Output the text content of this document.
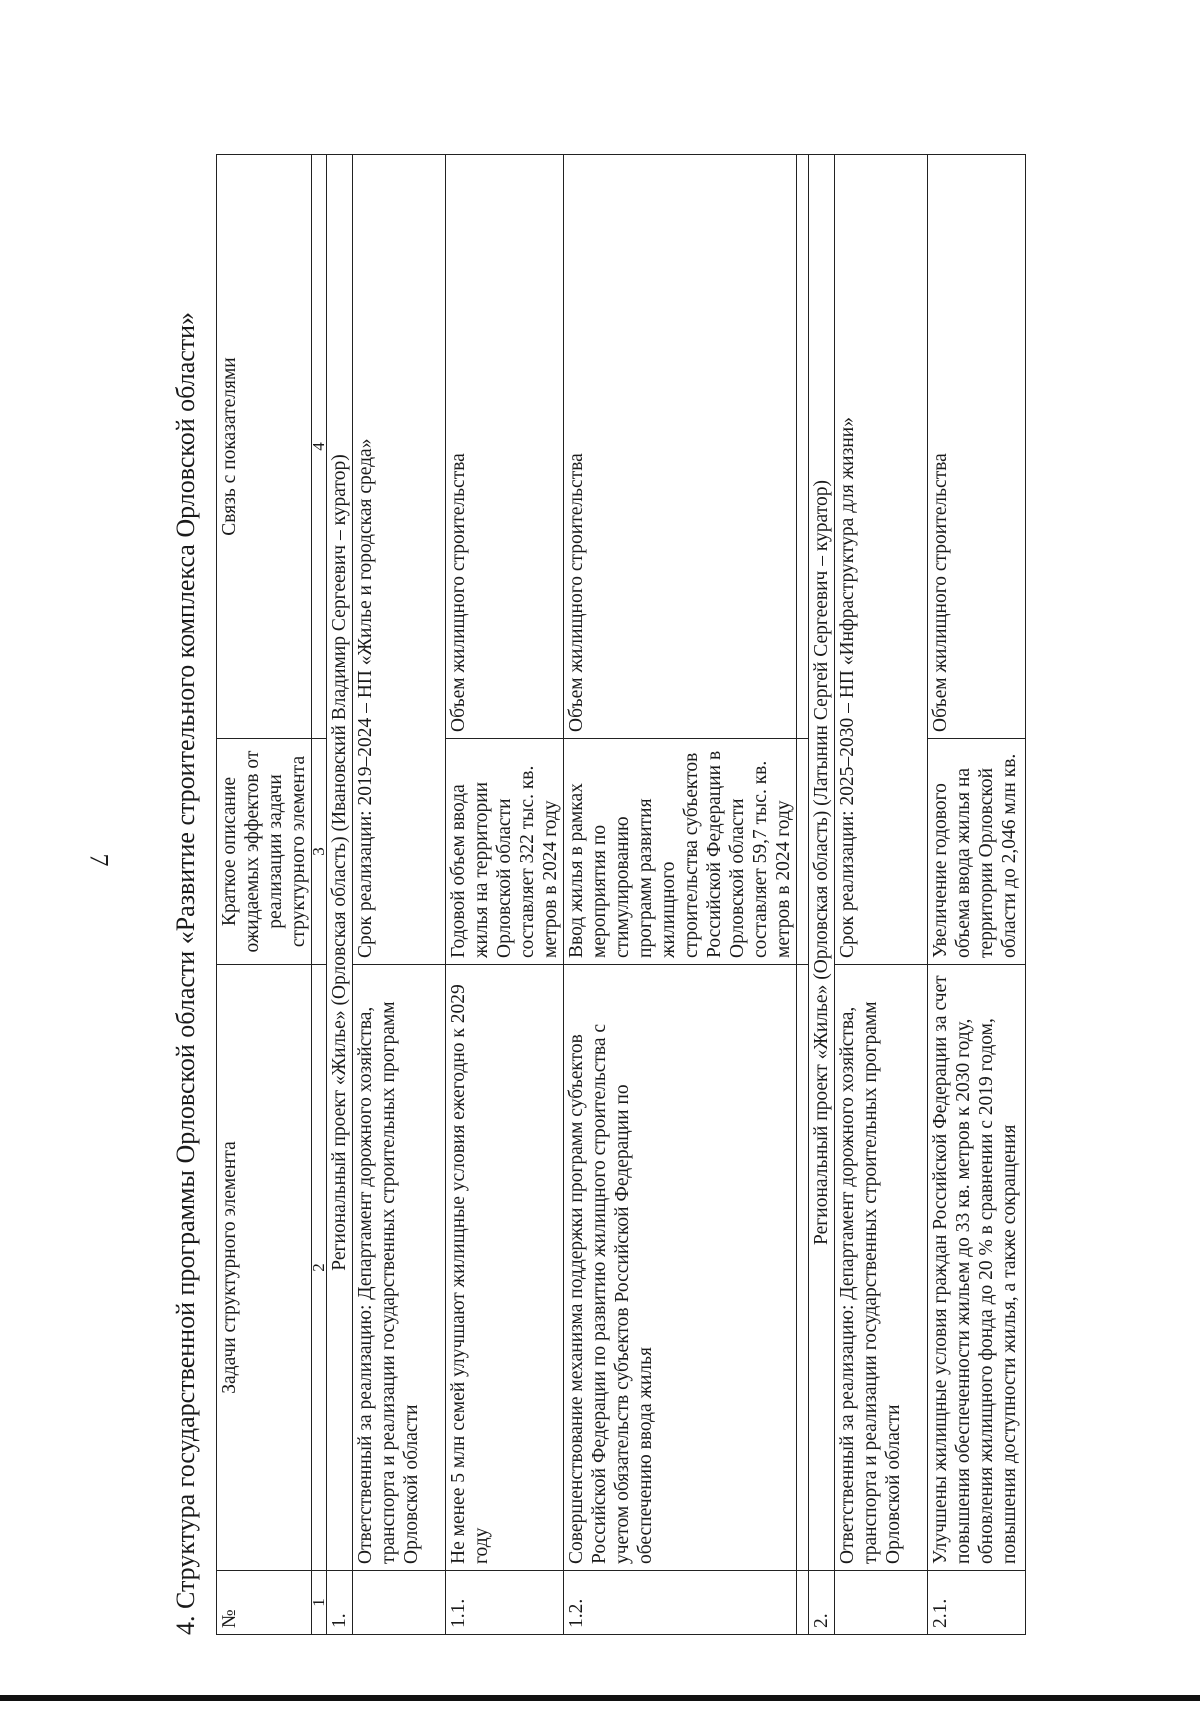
7 4. Структура государственной программы Орловской области «Развитие строительного комплекса Орловской области» №	Задачи структурного элемента	Краткое описание ожидаемых эффектов от реализации задачи структурного элемента	Связь с показателями
1	2	3	4
1.	Региональный проект «Жилье» (Орловская область) (Ивановский Владимир Сергеевич – куратор)		
	Ответственный за реализацию: Департамент дорожного хозяйства, транспорта и реализации государственных строительных программ Орловской области	Срок реализации: 2019–2024 – НП «Жилье и городская среда»	
1.1.	Не менее 5 млн семей улучшают жилищные условия ежегодно к 2029 году	Годовой объем ввода жилья на территории Орловской области составляет 322 тыс. кв. метров в 2024 году	Объем жилищного строительства
1.2.	Совершенствование механизма поддержки программ субъектов Российской Федерации по развитию жилищного строительства с учетом обязательств субъектов Российской Федерации по обеспечению ввода жилья	Ввод жилья в рамках мероприятия по стимулированию программ развития жилищного строительства субъектов Российской Федерации в Орловской области составляет 59,7 тыс. кв. метров в 2024 году	Объем жилищного строительства

2.	Региональный проект «Жилье» (Орловская область) (Латынин Сергей Сергеевич – куратор)		
	Ответственный за реализацию: Департамент дорожного хозяйства, транспорта и реализации государственных строительных программ Орловской области	Срок реализации: 2025–2030 – НП «Инфраструктура для жизни»	
2.1.	Улучшены жилищные условия граждан Российской Федерации за счет повышения обеспеченности жильем до 33 кв. метров к 2030 году, обновления жилищного фонда до 20 % в сравнении с 2019 годом, повышения доступности жилья, а также сокращения	Увеличение годового объема ввода жилья на территории Орловской области до 2,046 млн кв.	Объем жилищного строительства
